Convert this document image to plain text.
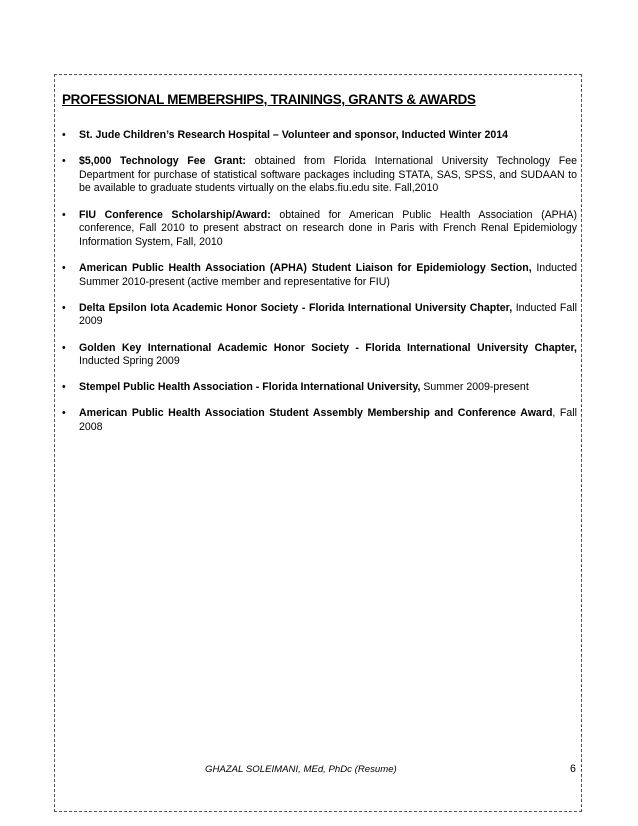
PROFESSIONAL MEMBERSHIPS, TRAININGS, GRANTS & AWARDS
• St. Jude Children’s Research Hospital – Volunteer and sponsor, Inducted Winter 2014
• $5,000 Technology Fee Grant: obtained from Florida International University Technology Fee Department for purchase of statistical software packages including STATA, SAS, SPSS, and SUDAAN to be available to graduate students virtually on the elabs.fiu.edu site. Fall,2010
• FIU Conference Scholarship/Award: obtained for American Public Health Association (APHA) conference, Fall 2010 to present abstract on research done in Paris with French Renal Epidemiology Information System, Fall, 2010
• American Public Health Association (APHA) Student Liaison for Epidemiology Section, Inducted Summer 2010-present (active member and representative for FIU)
• Delta Epsilon Iota Academic Honor Society - Florida International University Chapter, Inducted Fall 2009
• Golden Key International Academic Honor Society - Florida International University Chapter, Inducted Spring 2009
• Stempel Public Health Association - Florida International University, Summer 2009-present
• American Public Health Association Student Assembly Membership and Conference Award, Fall 2008
GHAZAL SOLEIMANI, MEd, PhDc (Resume)	6
